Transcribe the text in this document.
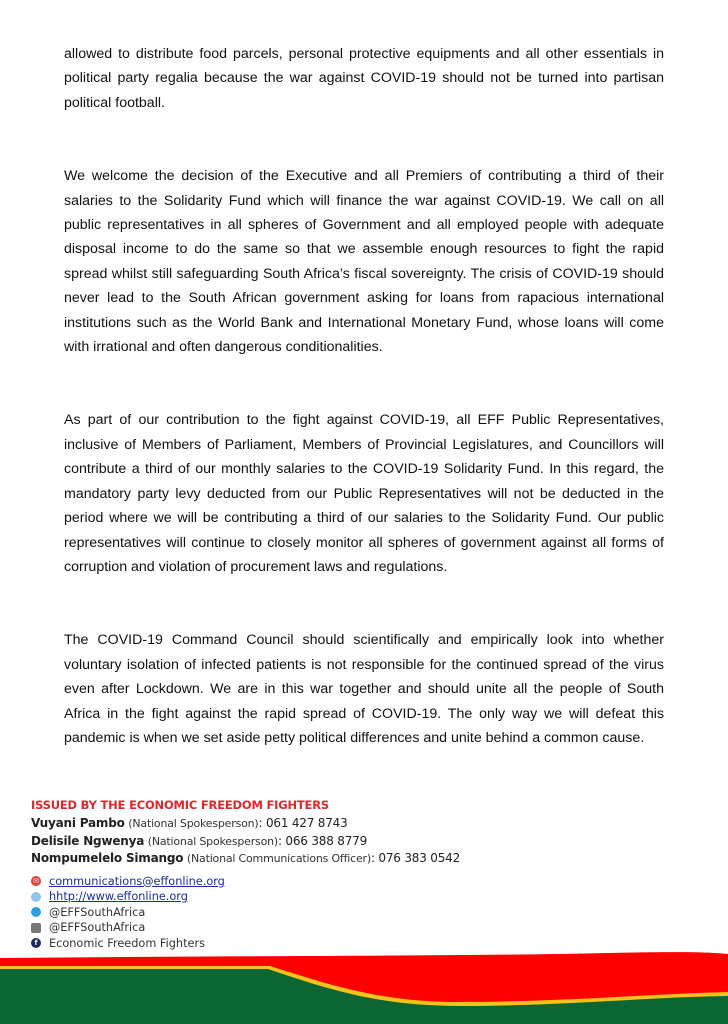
allowed to distribute food parcels, personal protective equipments and all other essentials in political party regalia because the war against COVID-19 should not be turned into partisan political football.

We welcome the decision of the Executive and all Premiers of contributing a third of their salaries to the Solidarity Fund which will finance the war against COVID-19. We call on all public representatives in all spheres of Government and all employed people with adequate disposal income to do the same so that we assemble enough resources to fight the rapid spread whilst still safeguarding South Africa’s fiscal sovereignty. The crisis of COVID-19 should never lead to the South African government asking for loans from rapacious international institutions such as the World Bank and International Monetary Fund, whose loans will come with irrational and often dangerous conditionalities.

As part of our contribution to the fight against COVID-19, all EFF Public Representatives, inclusive of Members of Parliament, Members of Provincial Legislatures, and Councillors will contribute a third of our monthly salaries to the COVID-19 Solidarity Fund. In this regard, the mandatory party levy deducted from our Public Representatives will not be deducted in the period where we will be contributing a third of our salaries to the Solidarity Fund. Our public representatives will continue to closely monitor all spheres of government against all forms of corruption and violation of procurement laws and regulations.

The COVID-19 Command Council should scientifically and empirically look into whether voluntary isolation of infected patients is not responsible for the continued spread of the virus even after Lockdown. We are in this war together and should unite all the people of South Africa in the fight against the rapid spread of COVID-19. The only way we will defeat this pandemic is when we set aside petty political differences and unite behind a common cause.

ISSUED BY THE ECONOMIC FREEDOM FIGHTERS
Vuyani Pambo (National Spokesperson): 061 427 8743
Delisile Ngwenya (National Spokesperson): 066 388 8779
Nompumelelo Simango (National Communications Officer): 076 383 0542
✉ communications@effonline.org
hhtp://www.effonline.org
@EFFSouthAfrica
@EFFSouthAfrica
f	Economic Freedom Fighters
